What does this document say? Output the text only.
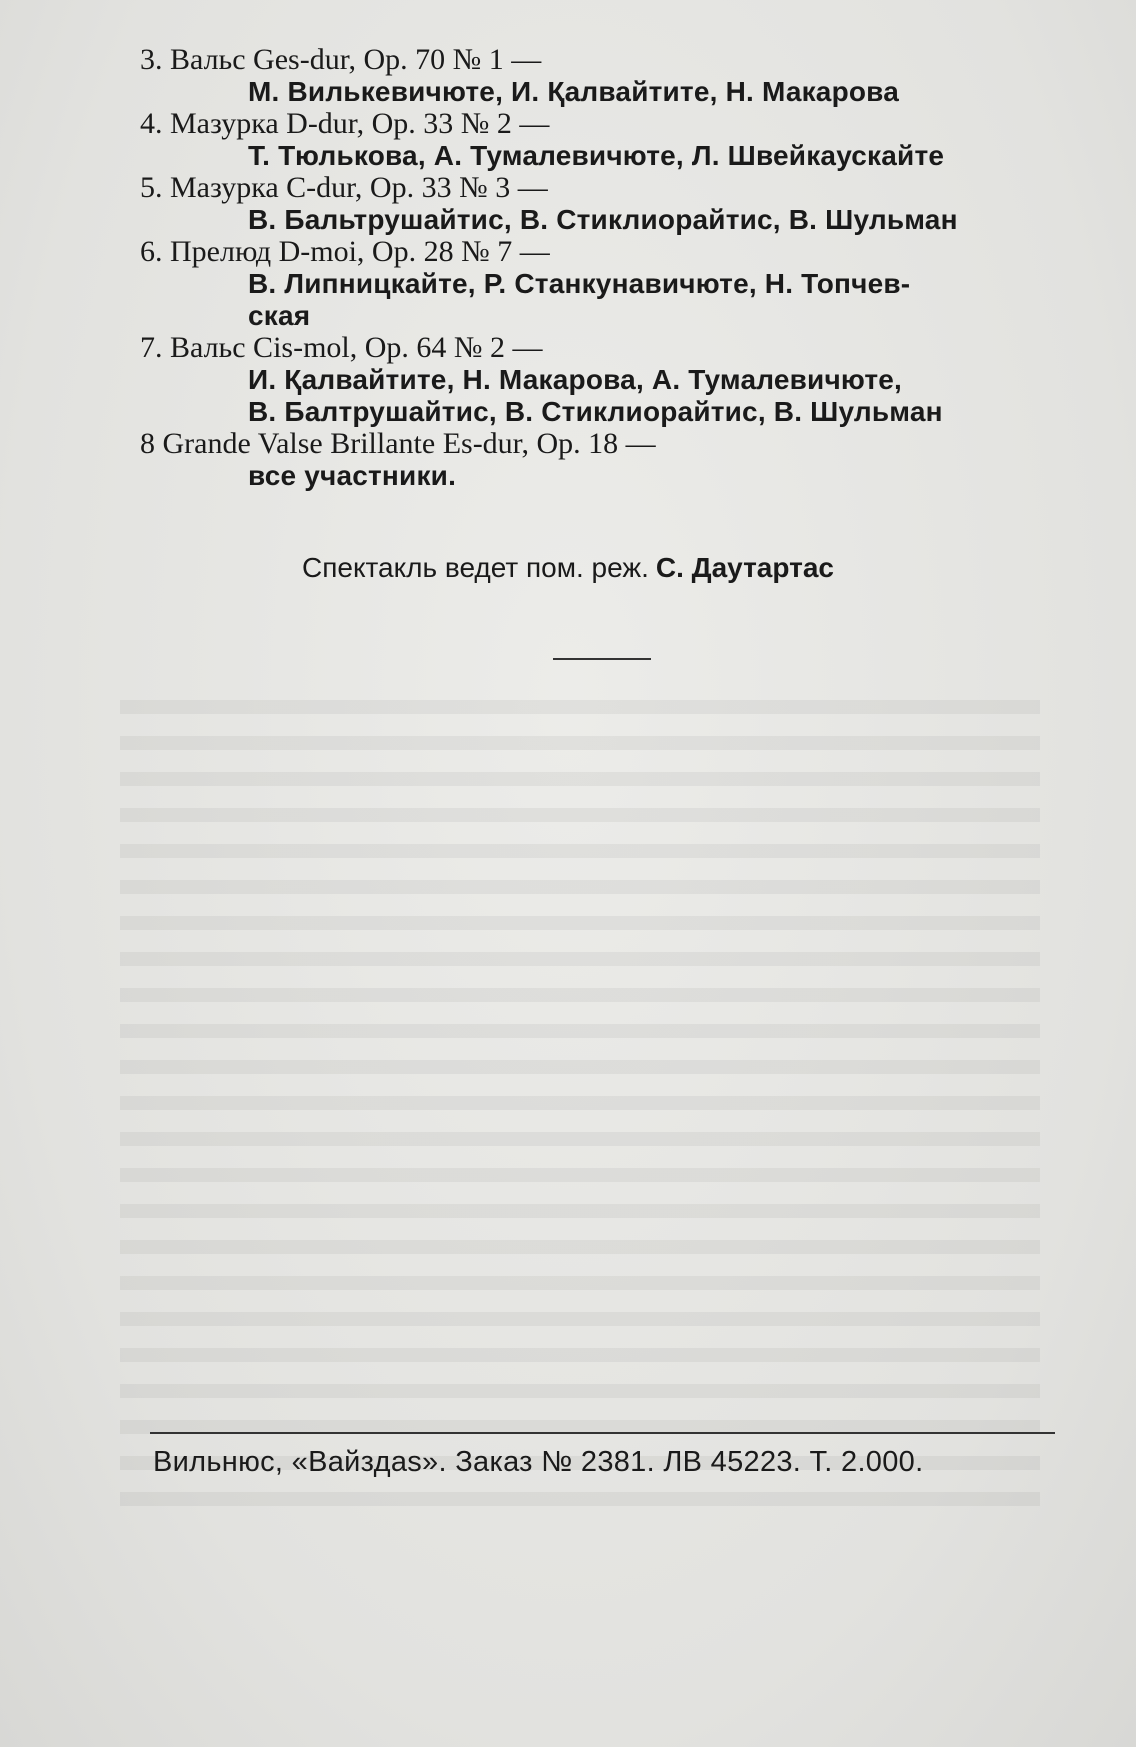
3. Вальс Ges-dur, Op. 70 № 1 —
М. Вилькевичюте, И. Қалвайтите, Н. Макарова
4. Мазурка D-dur, Op. 33 № 2 —
Т. Тюлькова, А. Тумалевичюте, Л. Швейкаускайте
5. Мазурка C-dur, Op. 33 № 3 —
В. Бальтрушайтис, В. Стиклиорайтис, В. Шульман
6. Прелюд D-moi, Op. 28 № 7 —
В. Липницкайте, Р. Станкунавичюте, Н. Топчев-
ская
7. Вальс Cis-mol, Op. 64 № 2 —
И. Қалвайтите, Н. Макарова, А. Тумалевичюте,
В. Балтрушайтис, В. Стиклиорайтис, В. Шульман
8 Grande Valse Brillante Es-dur, Op. 18 —
все участники.
Спектакль ведет пом. реж. С. Даутартас
Вильнюс, «Вайздаs». Заказ № 2381. ЛВ 45223. Т. 2.000.
